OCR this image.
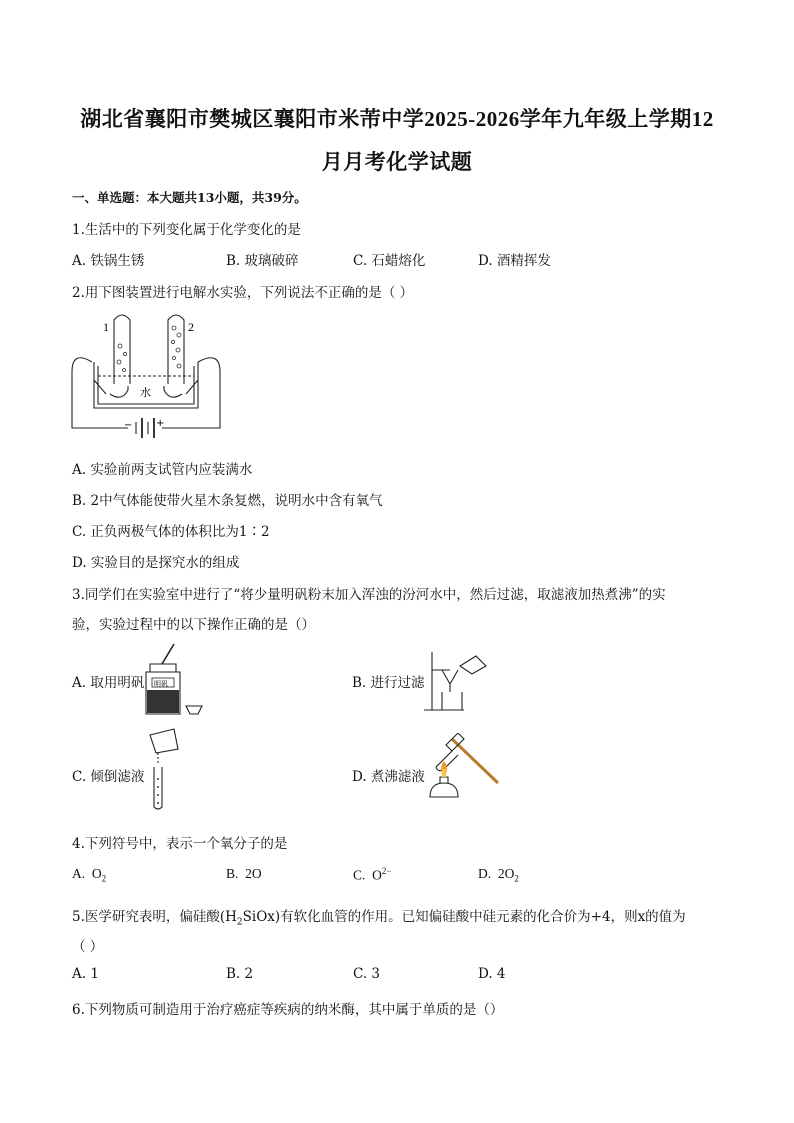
湖北省襄阳市樊城区襄阳市米芾中学2025-2026学年九年级上学期12
月月考化学试题
一、单选题：本大题共13小题，共39分。
1.生活中的下列变化属于化学变化的是
A. 铁锅生锈	B. 玻璃破碎	C. 石蜡熔化	D. 酒精挥发
2.用下图装置进行电解水实验，下列说法不正确的是（ ）
1	2
水
− +
A. 实验前两支试管内应装满水
B. 2中气体能使带火星木条复燃，说明水中含有氧气
C. 正负两极气体的体积比为1∶2
D. 实验目的是探究水的组成
3.同学们在实验室中进行了“将少量明矾粉末加入浑浊的汾河水中，然后过滤，取滤液加热煮沸”的实
验，实验过程中的以下操作正确的是（）
A. 取用明矾 明矾	B. 进行过滤
C. 倾倒滤液	D. 煮沸滤液
4.下列符号中，表示一个氧分子的是
A. $O_2$	B. 2O	C. $O^{2-}$	D. $2O_2$
5.医学研究表明，偏硅酸$(H_2SiOx)$有软化血管的作用。已知偏硅酸中硅元素的化合价为+4，则x的值为
（ ）
A. 1	B. 2	C. 3	D. 4
6.下列物质可制造用于治疗癌症等疾病的纳米酶，其中属于单质的是（）
